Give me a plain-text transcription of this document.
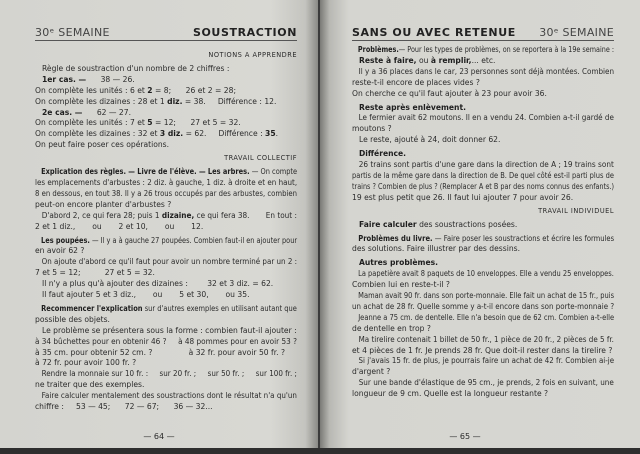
30ᵉ SEMAINE	SOUSTRACTION
NOTIONS A APPRENDRE
Règle de soustraction d'un nombre de 2 chiffres :
1er cas. —      38 — 26.
On complète les unités : 6 et 2 = 8;      26 et 2 = 28;
On complète les dizaines : 28 et 1 diz. = 38.     Différence : 12.
2e cas. —      62 — 27.
On complète les unités : 7 et 5 = 12;      27 et 5 = 32.
On complète les dizaines : 32 et 3 diz. = 62.     Différence : 35.
On peut faire poser ces opérations.
TRAVAIL COLLECTIF
Explication des règles. — Livre de l'élève. — Les arbres. — On compte
les emplacements d'arbustes : 2 diz. à gauche, 1 diz. à droite et en haut,
8 en dessous, en tout 38. Il y a 26 trous occupés par des arbustes, combien
peut-on encore planter d'arbustes ?
D'abord 2, ce qui fera 28; puis 1 dizaine, ce qui fera 38.       En tout :
2 et 1 diz.,       ou       2 et 10,       ou       12.
Les poupées. — Il y a à gauche 27 poupées. Combien faut-il en ajouter pour
en avoir 62 ?
On ajoute d'abord ce qu'il faut pour avoir un nombre terminé par un 2 :
7 et 5 = 12;          27 et 5 = 32.
Il n'y a plus qu'à ajouter des dizaines :        32 et 3 diz. = 62.
Il faut ajouter 5 et 3 diz.,       ou       5 et 30,       ou 35.
Recommencer l'explication sur d'autres exemples en utilisant autant que
possible des objets.
Le problème se présentera sous la forme : combien faut-il ajouter :
à 34 bûchettes pour en obtenir 46 ?     à 48 pommes pour en avoir 53 ?
à 35 cm. pour obtenir 52 cm. ?               à 32 fr. pour avoir 50 fr. ?
à 72 fr. pour avoir 100 fr. ?
Rendre la monnaie sur 10 fr. :     sur 20 fr. ;     sur 50 fr. ;     sur 100 fr. ;
ne traiter que des exemples.
Faire calculer mentalement des soustractions dont le résultat n'a qu'un
chiffre :     53 — 45;      72 — 67;      36 — 32...
— 64 —
SANS OU AVEC RETENUE 30ᵉ SEMAINE
Problèmes.— Pour les types de problèmes, on se reportera à la 19e semaine :
Reste à faire, ou à remplir,... etc.
Il y a 36 places dans le car, 23 personnes sont déjà montées. Combien
reste-t-il encore de places vides ?
On cherche ce qu'il faut ajouter à 23 pour avoir 36.
Reste après enlèvement.
Le fermier avait 62 moutons. Il en a vendu 24. Combien a-t-il gardé de
moutons ?
Le reste, ajouté à 24, doit donner 62.
Différence.
26 trains sont partis d'une gare dans la direction de A ; 19 trains sont
partis de la même gare dans la direction de B. De quel côté est-il parti plus de
trains ? Combien de plus ? (Remplacer A et B par des noms connus des enfants.)
19 est plus petit que 26. Il faut lui ajouter 7 pour avoir 26.
TRAVAIL INDIVIDUEL
Faire calculer des soustractions posées.
Problèmes du livre. — Faire poser les soustractions et écrire les formules
des solutions. Faire illustrer par des dessins.
Autres problèmes.
La papetière avait 8 paquets de 10 enveloppes. Elle a vendu 25 enveloppes.
Combien lui en reste-t-il ?
Maman avait 90 fr. dans son porte-monnaie. Elle fait un achat de 15 fr., puis
un achat de 28 fr. Quelle somme y a-t-il encore dans son porte-monnaie ?
Jeanne a 75 cm. de dentelle. Elle n'a besoin que de 62 cm. Combien a-t-elle
de dentelle en trop ?
Ma tirelire contenait 1 billet de 50 fr., 1 pièce de 20 fr., 2 pièces de 5 fr.
et 4 pièces de 1 fr. Je prends 28 fr. Que doit-il rester dans la tirelire ?
Si j'avais 15 fr. de plus, je pourrais faire un achat de 42 fr. Combien ai-je
d'argent ?
Sur une bande d'élastique de 95 cm., je prends, 2 fois en suivant, une
longueur de 9 cm. Quelle est la longueur restante ?
— 65 —
